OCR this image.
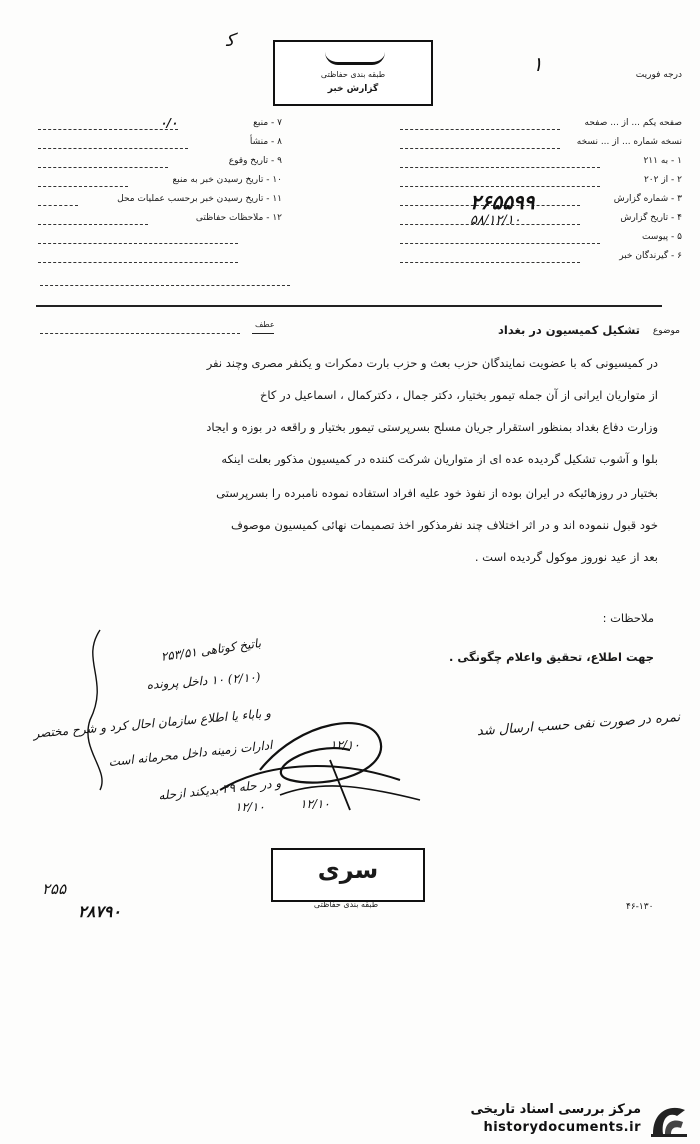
درجه فوریت
۱
ﮐ
طبقه بندی حفاظتی
گزارش خبر
صفحه یکم ... از ... صفحه
نسخه شماره ... از ... نسخه
۱ - به ۲۱۱
۲ - از ۲۰۲
۳ - شماره گزارش
۴ - تاریخ گزارش
۵ - پیوست
۶ - گیرندگان خبر
۲۶۵۵۹۹
۵۸/۱۲/۱۰
۷ - منبع
۸ - منشأ
۹ - تاریخ وقوع
۱۰ - تاریخ رسیدن خبر به منبع
۱۱ - تاریخ رسیدن خبر برحسب عملیات محل
۱۲ - ملاحظات حفاظتی
۰/۰
عطف
موضوع
تشکیل کمیسیون در بغداد
در کمیسیونی که با عضویت نمایندگان حزب بعث و حزب بارت دمکرات و یکنفر مصری وچند نفر
از متواریان ایرانی از آن جمله تیمور بختیار، دکتر جمال ، دکترکمال ، اسماعیل در کاخ
وزارت دفاع بغداد بمنظور استقرار جریان مسلح بسرپرستی تیمور بختیار و راقعه در بوزه و ایجاد
بلوا و آشوب تشکیل گردیده عده ای از متواریان شرکت کننده در کمیسیون مذکور بعلت اینکه
بختیار در روزهائیکه در ایران بوده از نفوذ خود علیه افراد استفاده نموده نامبرده را بسرپرستی
خود قبول ننموده اند و در اثر اختلاف چند نفرمذکور اخذ تصمیمات نهائی کمیسیون موصوف
بعد از عید نوروز موکول گردیده است .
ملاحظات :
جهت اطلاع، تحقیق واعلام چگونگی .
باتیخ کوتاهی ۲۵۳/۵۱
(۲/۱۰) ۱۰ داخل پرونده
و باباء یا اطلاع سازمان احال کرد و شرح مختصر
ادارات زمینه داخل محرمانه است
و در حله ۲۹ بدیکند ازحله
نمره در صورت نفی حسب ارسال شد
۱۲/۱۰
۱۲/۱۰
۱۲/۱۰
سری
طبقه بندی حفاظتی
۲۵۵
۲۸۷۹۰	۴۶-۱۳۰
مرکز بررسی اسناد تاریخی
historydocuments.ir
